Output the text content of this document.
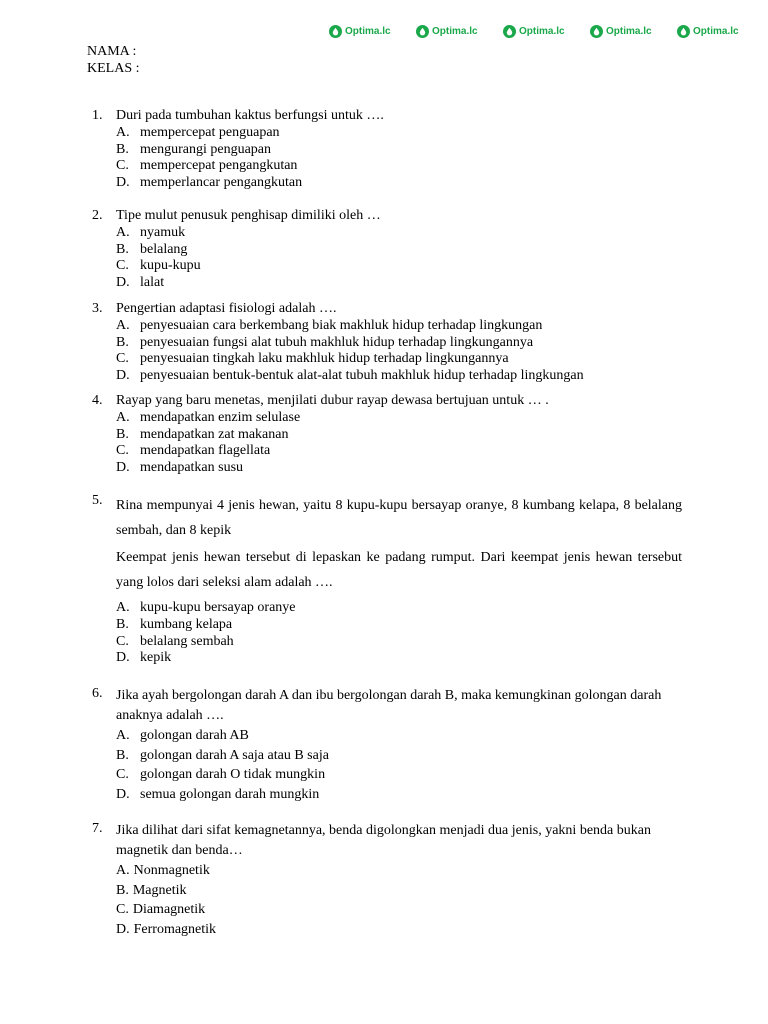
Optima.lc	Optima.lc	Optima.lc	Optima.lc	Optima.lc
NAMA :
KELAS :
1. Duri pada tumbuhan kaktus berfungsi untuk ….
A. mempercepat penguapan
B. mengurangi penguapan
C. mempercepat pengangkutan
D. memperlancar pengangkutan
2. Tipe mulut penusuk penghisap dimiliki oleh …
A. nyamuk
B. belalang
C. kupu-kupu
D. lalat
3. Pengertian adaptasi fisiologi adalah ….
A. penyesuaian cara berkembang biak makhluk hidup terhadap lingkungan
B. penyesuaian fungsi alat tubuh makhluk hidup terhadap lingkungannya
C. penyesuaian tingkah laku makhluk hidup terhadap lingkungannya
D. penyesuaian bentuk-bentuk alat-alat tubuh makhluk hidup terhadap lingkungan
4. Rayap yang baru menetas, menjilati dubur rayap dewasa bertujuan untuk … .
A. mendapatkan enzim selulase
B. mendapatkan zat makanan
C. mendapatkan flagellata
D. mendapatkan susu
5. Rina mempunyai 4 jenis hewan, yaitu 8 kupu-kupu bersayap oranye, 8 kumbang kelapa, 8 belalang sembah, dan 8 kepik
Keempat jenis hewan tersebut di lepaskan ke padang rumput. Dari keempat jenis hewan tersebut yang lolos dari seleksi alam adalah ….
A. kupu-kupu bersayap oranye
B. kumbang kelapa
C. belalang sembah
D. kepik
6. Jika ayah bergolongan darah A dan ibu bergolongan darah B, maka kemungkinan golongan darah anaknya adalah ….
A. golongan darah AB
B. golongan darah A saja atau B saja
C. golongan darah O tidak mungkin
D. semua golongan darah mungkin
7. Jika dilihat dari sifat kemagnetannya, benda digolongkan menjadi dua jenis, yakni benda bukan magnetik dan benda…
A. Nonmagnetik
B. Magnetik
C. Diamagnetik
D. Ferromagnetik
